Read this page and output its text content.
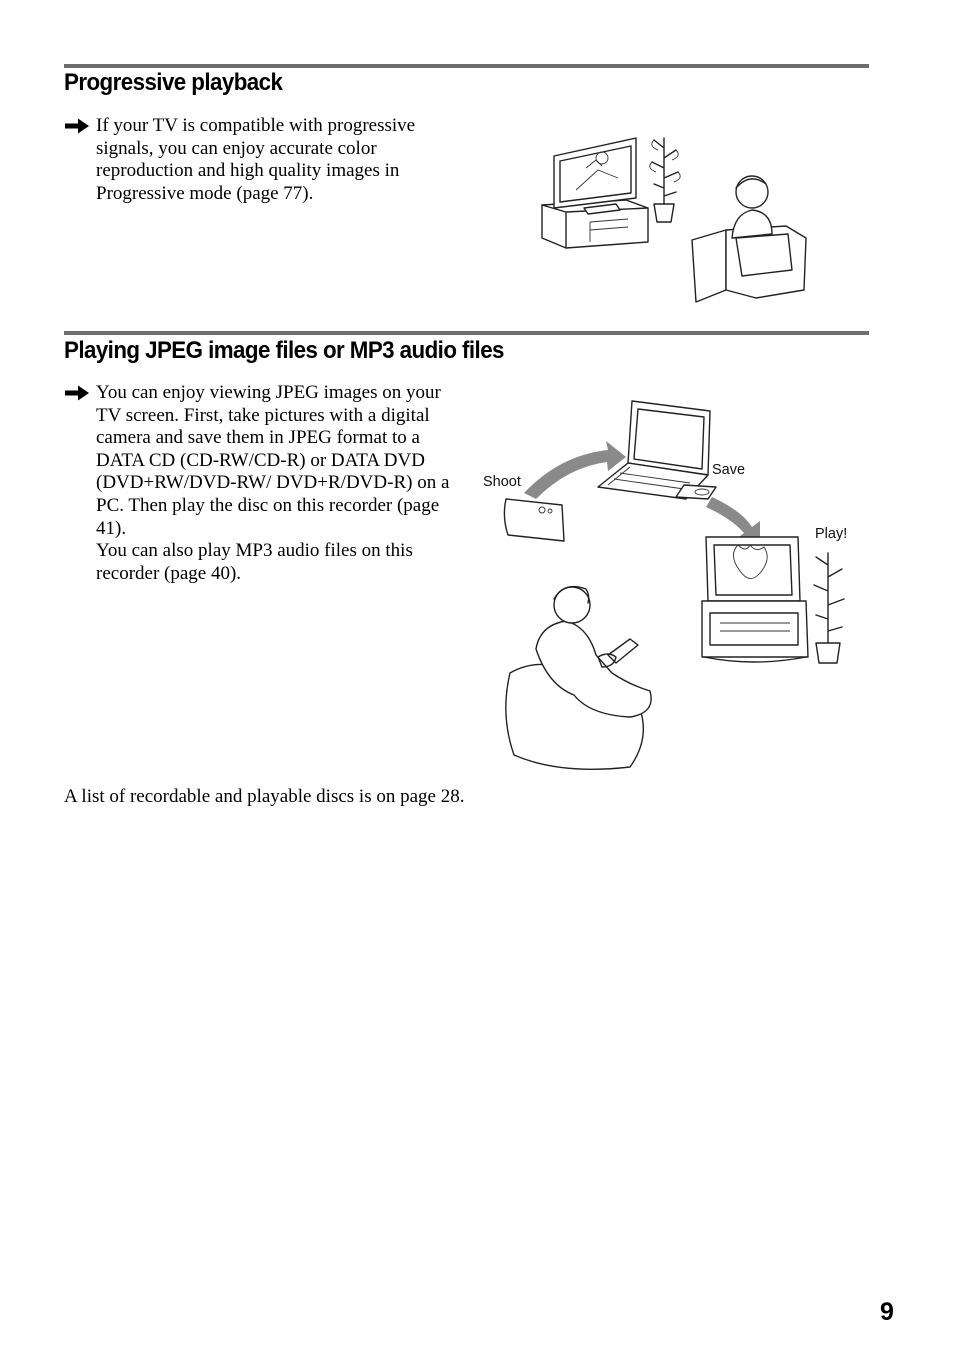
Progressive playback

If your TV is compatible with progressive signals, you can enjoy accurate color reproduction and high quality images in Progressive mode (page 77).

Playing JPEG image files or MP3 audio files

You can enjoy viewing JPEG images on your TV screen. First, take pictures with a digital camera and save them in JPEG format to a DATA CD (CD-RW/CD-R) or DATA DVD (DVD+RW/DVD-RW/ DVD+R/DVD-R) on a PC. Then play the disc on this recorder (page 41).

You can also play MP3 audio files on this recorder (page 40).

Shoot
Save
Play!
A list of recordable and playable discs is on page 28.
9
